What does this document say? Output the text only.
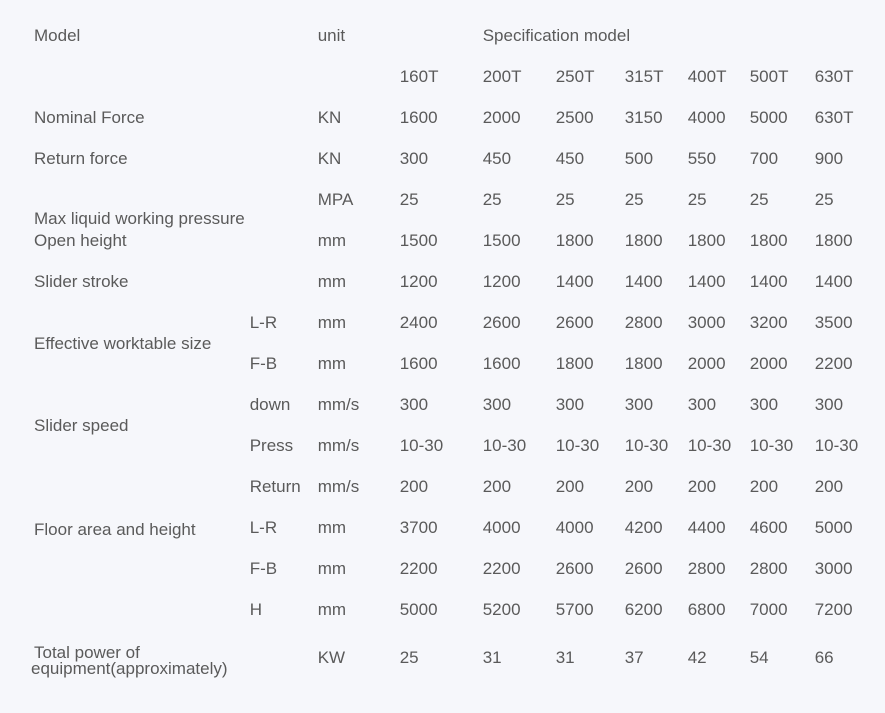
Model		unit	Specification model						
			160T	200T	250T	315T	400T	500T	630T
Nominal Force		KN	1600	2000	2500	3150	4000	5000	630T
Return force		KN	300	450	450	500	550	700	900
Max liquid working pressure		MPA	25	25	25	25	25	25	25
Open height		mm	1500	1500	1800	1800	1800	1800	1800
Slider stroke		mm	1200	1200	1400	1400	1400	1400	1400
Effective worktable size	L-R	mm	2400	2600	2600	2800	3000	3200	3500
	F-B	mm	1600	1600	1800	1800	2000	2000	2200
Slider speed	down	mm/s	300	300	300	300	300	300	300
	Press	mm/s	10-30	10-30	10-30	10-30	10-30	10-30	10-30
	Return	mm/s	200	200	200	200	200	200	200
Floor area and height	L-R	mm	3700	4000	4000	4200	4400	4600	5000
	F-B	mm	2200	2200	2600	2600	2800	2800	3000
	H	mm	5000	5200	5700	6200	6800	7000	7200

Total power of
equipment(approximately)		KW	25	31	31	37	42	54	66
